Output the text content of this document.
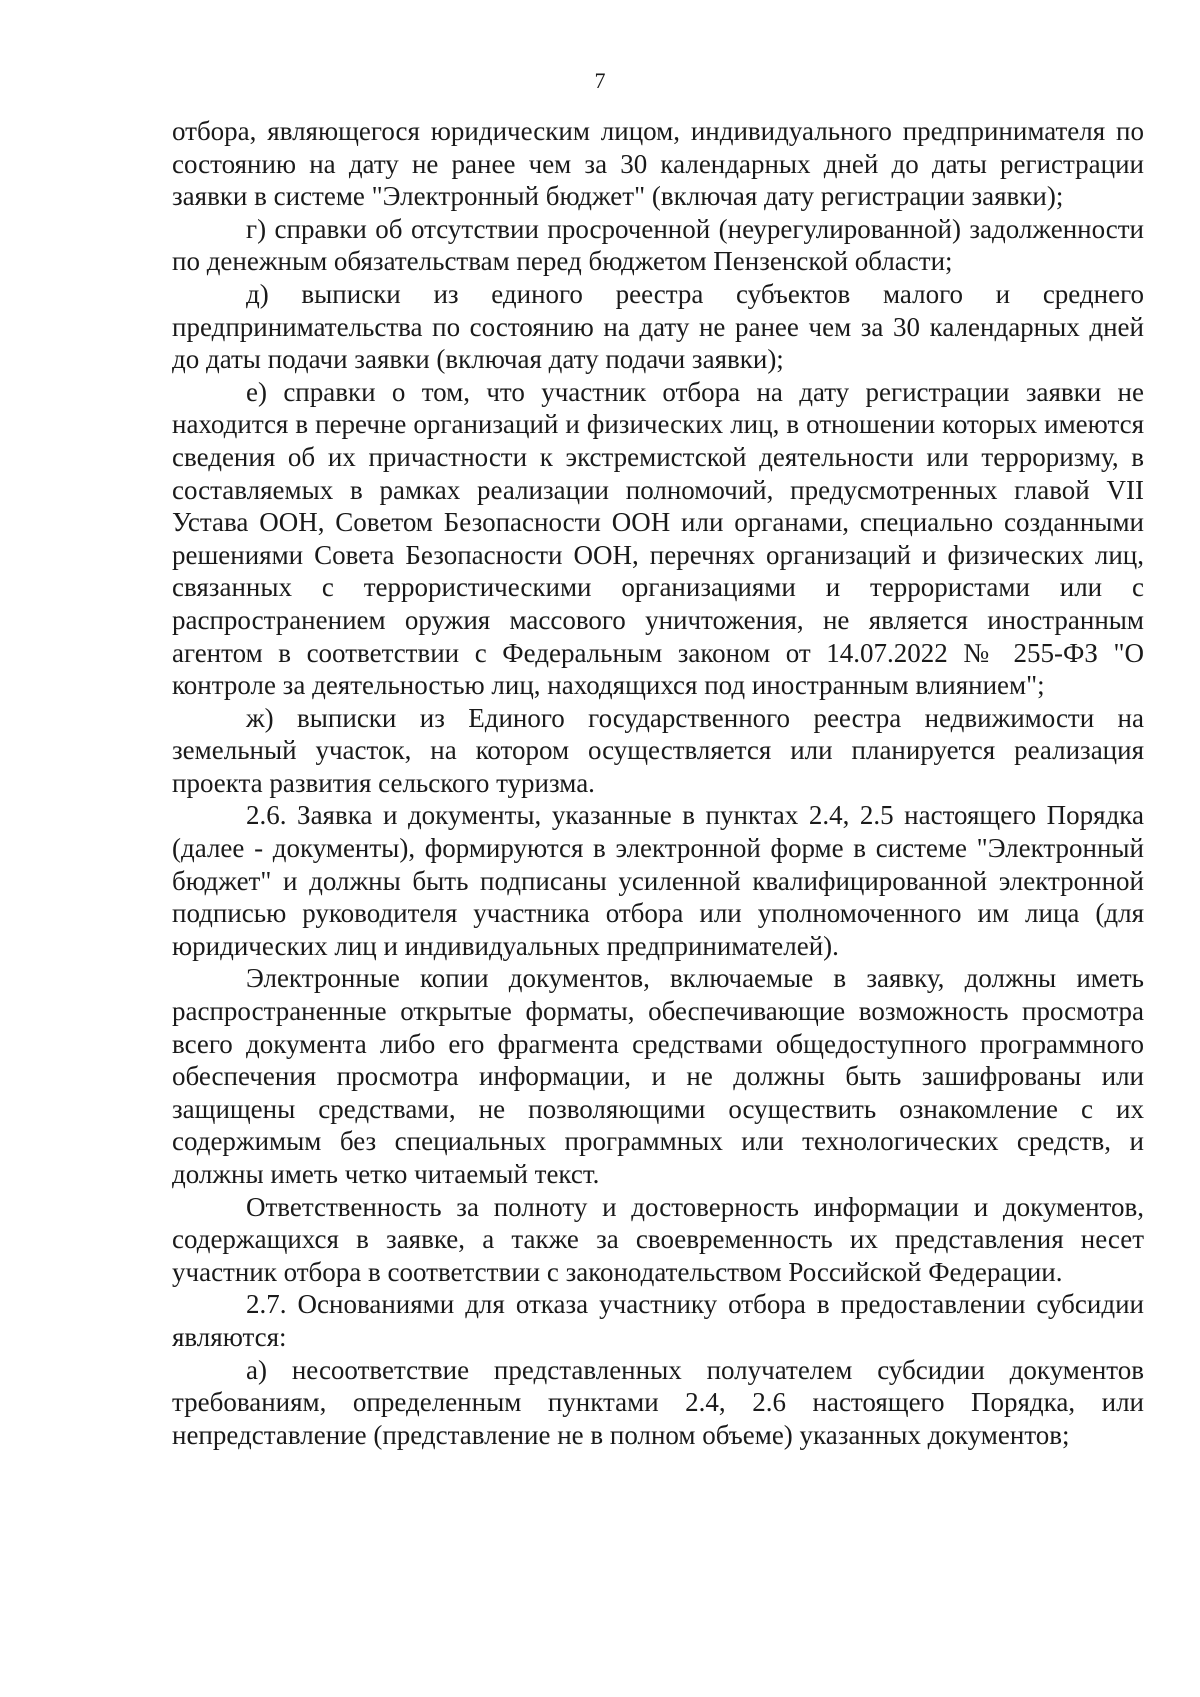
7

отбора, являющегося юридическим лицом, индивидуального предпринимателя по состоянию на дату не ранее чем за 30 календарных дней до даты регистрации заявки в системе "Электронный бюджет" (включая дату регистрации заявки);

г) справки об отсутствии просроченной (неурегулированной) задолженности по денежным обязательствам перед бюджетом Пензенской области;

д) выписки из единого реестра субъектов малого и среднего предпринимательства по состоянию на дату не ранее чем за 30 календарных дней до даты подачи заявки (включая дату подачи заявки);

е) справки о том, что участник отбора на дату регистрации заявки не находится в перечне организаций и физических лиц, в отношении которых имеются сведения об их причастности к экстремистской деятельности или терроризму, в составляемых в рамках реализации полномочий, предусмотренных главой VII Устава ООН, Советом Безопасности ООН или органами, специально созданными решениями Совета Безопасности ООН, перечнях организаций и физических лиц, связанных с террористическими организациями и террористами или с распространением оружия массового уничтожения, не является иностранным агентом в соответствии с Федеральным законом от 14.07.2022 № 255-ФЗ "О контроле за деятельностью лиц, находящихся под иностранным влиянием";

ж) выписки из Единого государственного реестра недвижимости на земельный участок, на котором осуществляется или планируется реализация проекта развития сельского туризма.

2.6. Заявка и документы, указанные в пунктах 2.4, 2.5 настоящего Порядка (далее - документы), формируются в электронной форме в системе "Электронный бюджет" и должны быть подписаны усиленной квалифицированной электронной подписью руководителя участника отбора или уполномоченного им лица (для юридических лиц и индивидуальных предпринимателей).

Электронные копии документов, включаемые в заявку, должны иметь распространенные открытые форматы, обеспечивающие возможность просмотра всего документа либо его фрагмента средствами общедоступного программного обеспечения просмотра информации, и не должны быть зашифрованы или защищены средствами, не позволяющими осуществить ознакомление с их содержимым без специальных программных или технологических средств, и должны иметь четко читаемый текст.

Ответственность за полноту и достоверность информации и документов, содержащихся в заявке, а также за своевременность их представления несет участник отбора в соответствии с законодательством Российской Федерации.

2.7. Основаниями для отказа участнику отбора в предоставлении субсидии являются:

а) несоответствие представленных получателем субсидии документов требованиям, определенным пунктами 2.4, 2.6 настоящего Порядка, или непредставление (представление не в полном объеме) указанных документов;
